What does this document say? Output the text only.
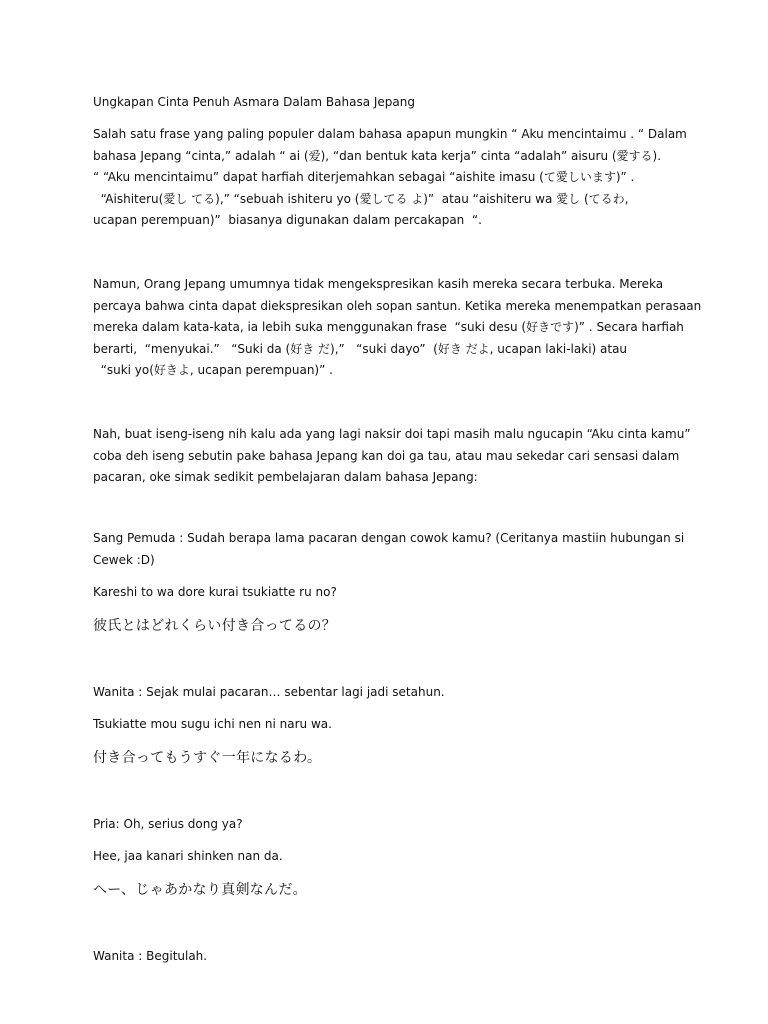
Ungkapan Cinta Penuh Asmara Dalam Bahasa Jepang

Salah satu frase yang paling populer dalam bahasa apapun mungkin “ Aku mencintaimu . “ Dalam
bahasa Jepang “cinta,” adalah “ ai (爱), “dan bentuk kata kerja” cinta “adalah” aisuru (愛する).
“ “Aku mencintaimu” dapat harfiah diterjemahkan sebagai “aishite imasu (て愛しいます)” .
“Aishiteru(愛し てる),” “sebuah ishiteru yo (愛してる よ)”  atau “aishiteru wa 愛し (てるわ,
ucapan perempuan)”  biasanya digunakan dalam percakapan  “.

Namun, Orang Jepang umumnya tidak mengekspresikan kasih mereka secara terbuka. Mereka
percaya bahwa cinta dapat diekspresikan oleh sopan santun. Ketika mereka menempatkan perasaan
mereka dalam kata-kata, ia lebih suka menggunakan frase  “suki desu (好きです)” . Secara harfiah
berarti,  “menyukai.”   “Suki da (好き だ),”   “suki dayo”  (好き だよ, ucapan laki-laki) atau
“suki yo(好きよ, ucapan perempuan)” .

Nah, buat iseng-iseng nih kalu ada yang lagi naksir doi tapi masih malu ngucapin “Aku cinta kamu”
coba deh iseng sebutin pake bahasa Jepang kan doi ga tau, atau mau sekedar cari sensasi dalam
pacaran, oke simak sedikit pembelajaran dalam bahasa Jepang:

Sang Pemuda : Sudah berapa lama pacaran dengan cowok kamu? (Ceritanya mastiin hubungan si
Cewek :D)

Kareshi to wa dore kurai tsukiatte ru no?

彼氏とはどれくらい付き合ってるの？

Wanita : Sejak mulai pacaran… sebentar lagi jadi setahun.

Tsukiatte mou sugu ichi nen ni naru wa.

付き合ってもうすぐ一年になるわ。

Pria: Oh, serius dong ya?

Hee, jaa kanari shinken nan da.

へー、じゃあかなり真剣なんだ。

Wanita : Begitulah.
